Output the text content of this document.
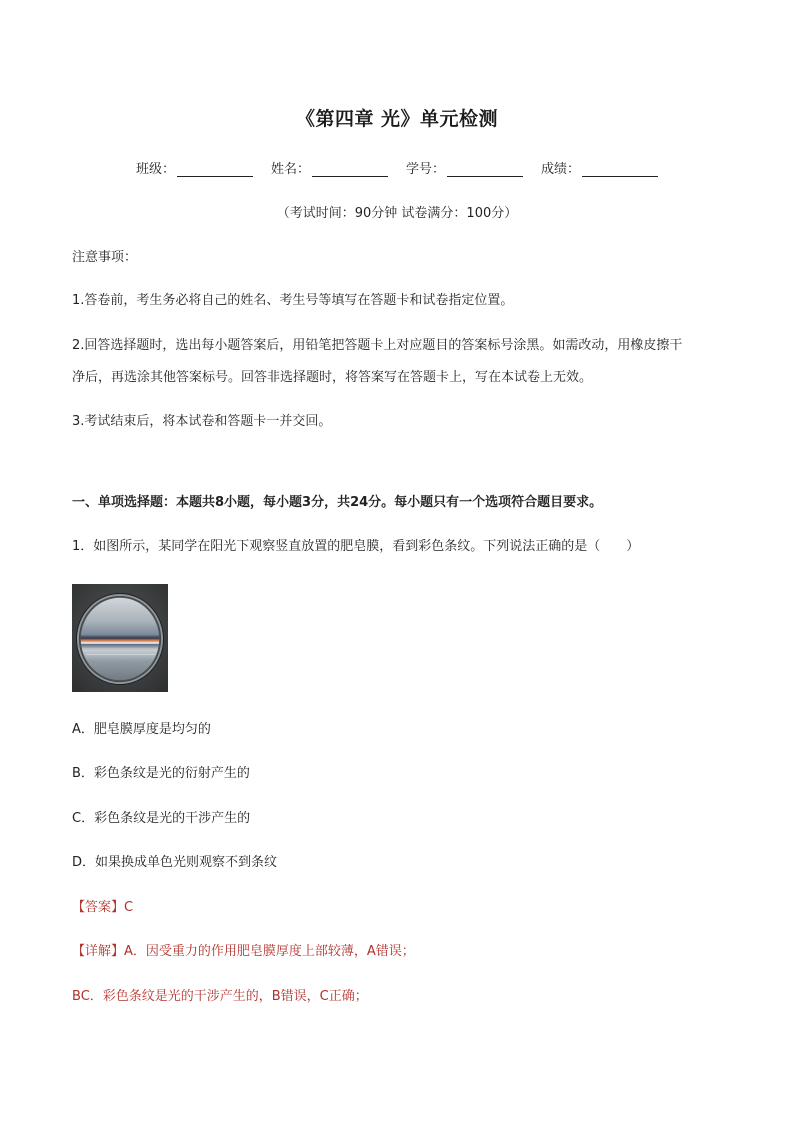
《第四章 光》单元检测
班级：	姓名：	学号：	成绩：
（考试时间：90分钟 试卷满分：100分）
注意事项：
1.答卷前，考生务必将自己的姓名、考生号等填写在答题卡和试卷指定位置。
2.回答选择题时，选出每小题答案后，用铅笔把答题卡上对应题目的答案标号涂黑。如需改动，用橡皮擦干
净后，再选涂其他答案标号。回答非选择题时，将答案写在答题卡上，写在本试卷上无效。
3.考试结束后，将本试卷和答题卡一并交回。
一、单项选择题：本题共8小题，每小题3分，共24分。每小题只有一个选项符合题目要求。
1．如图所示，某同学在阳光下观察竖直放置的肥皂膜，看到彩色条纹。下列说法正确的是（　　）
A．肥皂膜厚度是均匀的
B．彩色条纹是光的衍射产生的
C．彩色条纹是光的干涉产生的
D．如果换成单色光则观察不到条纹
【答案】C
【详解】A．因受重力的作用肥皂膜厚度上部较薄，A错误；
BC．彩色条纹是光的干涉产生的，B错误，C正确；
